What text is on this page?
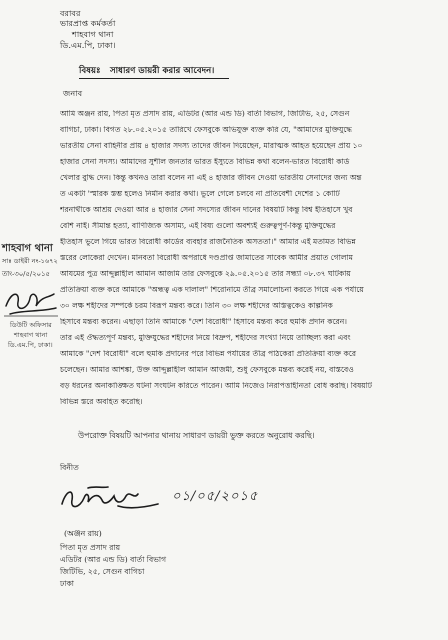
বরাবর
ভারপ্রাপ্ত কর্মকর্তা
শাহবাগ থানা
ডি.এম.পি, ঢাকা।
বিষয়ঃ সাধারণ ডায়রী করার আবেদন।
জনাব
আমি অঞ্জন রায়, পিতা মৃত প্রসাদ রায়, এডিটর (আর এন্ড ডি) বার্তা বিভাগ, জিটিভি, ২৫, সেগুন
বাগিচা, ঢাকা। বিগত ২৮.০৫.২০১৫ তারিখে ফেসবুকে অভিযুক্ত ব্যক্ত করি যে, "আমাদের মুক্তিযুদ্ধে
ভারতীয় সেনা বাহিনীর প্রায় ৪ হাজার সদস্য তাদের জীবন দিয়েছেন, মারাত্মক আহত হয়েছেন প্রায় ১০
হাজার সেনা সদস্য। আমাদের সুশীল জনতার ভারত ইস্যুতে বিভিন্ন কথা বলেন-ভারত বিরোধী কার্ড
খেলার বুদ্ধি দেন। কিন্তু কখনও তারা বলেন না এই ৪ হাজার জীবন দেওয়া ভারতীয় সেনাদের জন্য অন্ত
ত একটা 'স্মারক স্তম্ভ হলেও নির্মান করার কথা। ভুলে গেলে চলবে না প্রতিবেশী দেশের ১ কোটি
শরনার্থীকে আশ্রয় দেওয়া আর ৪ হাজার সেনা সদস্যের জীবন দানের বিষয়টি কিন্তু বিশ্ব ইতিহাসে খুব
বেশি নাই। সীমান্ত হত্যা, বাণিজ্যিক অসাম্য, এই বিষ্য গুলো অবশ্যই গুরুত্বপূর্ণ-কিন্তু মুক্তিযুদ্ধের
ইতিহাস ভুলে গিয়ে ভারত বিরোধী কার্ডের ব্যবহার রাজনৈতিক অসততা।" আমার এই মতামত বিভিন্ন
স্তরের লোকেরা দেখেন। মানবতা বিরোধী অপরাধে দণ্ডপ্রাপ্ত জামাতের সাবেক আমীর প্রয়াত গোলাম
আযমের পুত্র আব্দুল্লাহীল আমান আজমি তার ফেসবুকে ২৯.০৫.২০১৫ তার সন্ধ্যা ০৮.৩৭ ঘটিকায়
প্রতিক্রিয়া ব্যক্ত করে আমাকে "অন্ধত্ব এক দালাল" শিরোনামে তীব্র সমালোচনা করতে গিয়ে এক পর্যায়ে
৩০ লক্ষ শহীদের সম্পর্কে চরম বিরূপ মন্তব্য করে। তিনি ৩০ লক্ষ শহীদের অস্তিত্বকেও কাল্পনিক
হিসাবে মন্তব্য করেন। এছাড়া তিনি আমাকে "দেশ বিরোধী" হিসাবে মন্তব্য করে হুমকি প্রদান করেন।
তার এই ঔদ্ধত্যপূর্ণ মন্তব্য, মুক্তিযুদ্ধের শহীদের নিয়ে বিদ্রুপ, শহীদের সংখ্যা নিয়ে তাচ্ছিল্য করা এবং
আমাকে "দেশ বিরোধী" বলে হুমকি প্রদানের পরে বিভিন্ন পর্যায়ের তীব্র পাঠকেরা প্রতিক্রিয়া ব্যক্ত করে
চলেছেন। আমার আশঙ্কা, উক্ত আব্দুল্লাহীল আমান আজমী, শুধু ফেসবুকে মন্তব্য করেই নয়, বাস্তবেও
বড় ধরনের অনাকাঙ্ক্ষিত ঘটনা সংঘটন করিতে পারেন। আমি নিজেও নিরাপত্তাহীনতা বোধ করছি। বিষয়টি
বিভিন্ন স্তরে অবহিত করেছি।
উপরোক্ত বিষয়টি আপনার থানায় সাধারণ ডায়রী ভুক্ত করতে অনুরোধ করছি।
বিনীত
০১/০৫/২০১৫
(অঞ্জন রায়)
পিতা মৃত প্রসাদ রায়
এডিটর (আর এন্ড ডি) বার্তা বিভাগ
জিটিভি, ২৫, সেগুন বাগিচা
ঢাকা
শাহবাগ থানা
সাঃ ডাইরী নং-১৬৭২
তাং-৩০/৫/২০১৫
ডিউটি অফিসার
শাহবাগ থানা
ডি.এম.পি, ঢাকা।
